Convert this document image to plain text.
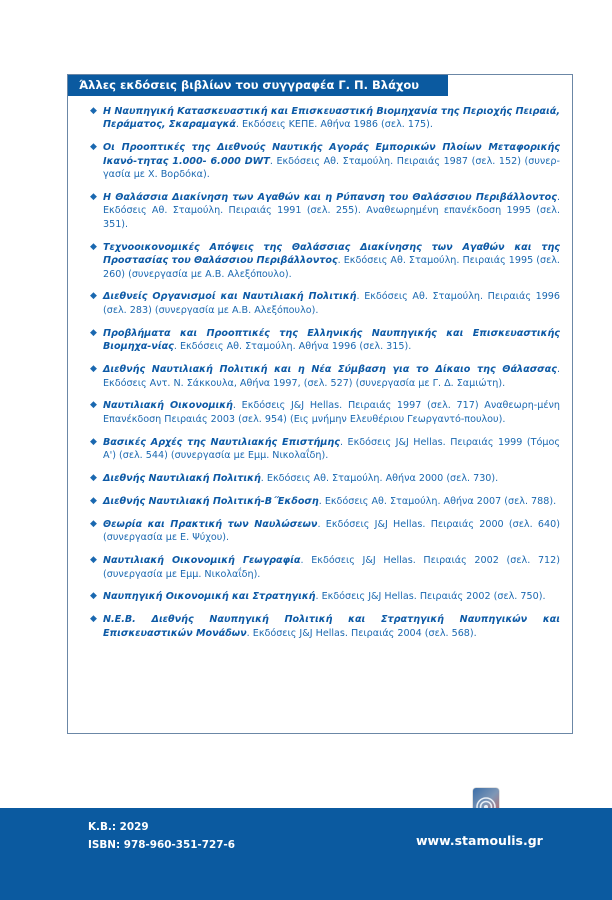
Άλλες εκδόσεις βιβλίων του συγγραφέα Γ. Π. Βλάχου
◆ Η Ναυπηγική Κατασκευαστική και Επισκευαστική Βιομηχανία της Περιοχής Πειραιά, Περάματος, Σκαραμαγκά. Εκδόσεις ΚΕΠΕ. Αθήνα 1986 (σελ. 175).
◆ Οι Προοπτικές της Διεθνούς Ναυτικής Αγοράς Εμπορικών Πλοίων Μεταφορικής Ικανό-τητας 1.000- 6.000 DWT. Εκδόσεις Αθ. Σταμούλη. Πειραιάς 1987 (σελ. 152) (συνερ-γασία με Χ. Βορδόκα).
◆ Η Θαλάσσια Διακίνηση των Αγαθών και η Ρύπανση του Θαλάσσιου Περιβάλλοντος. Εκδόσεις Αθ. Σταμούλη. Πειραιάς 1991 (σελ. 255). Αναθεωρημένη επανέκδοση 1995 (σελ. 351).
◆ Τεχνοοικονομικές Απόψεις της Θαλάσσιας Διακίνησης των Αγαθών και της Προστασίας του Θαλάσσιου Περιβάλλοντος. Εκδόσεις Αθ. Σταμούλη. Πειραιάς 1995 (σελ. 260) (συνεργασία με Α.Β. Αλεξόπουλο).
◆ Διεθνείς Οργανισμοί και Ναυτιλιακή Πολιτική. Εκδόσεις Αθ. Σταμούλη. Πειραιάς 1996 (σελ. 283) (συνεργασία με Α.Β. Αλεξόπουλο).
◆ Προβλήματα και Προοπτικές της Ελληνικής Ναυπηγικής και Επισκευαστικής Βιομηχα-νίας. Εκδόσεις Αθ. Σταμούλη. Αθήνα 1996 (σελ. 315).
◆ Διεθνής Ναυτιλιακή Πολιτική και η Νέα Σύμβαση για το Δίκαιο της Θάλασσας. Εκδόσεις Αντ. Ν. Σάκκουλα, Αθήνα 1997, (σελ. 527) (συνεργασία με Γ. Δ. Σαμιώτη).
◆ Ναυτιλιακή Οικονομική. Εκδόσεις J&J Hellas. Πειραιάς 1997 (σελ. 717) Αναθεωρη-μένη Επανέκδοση Πειραιάς 2003 (σελ. 954) (Εις μνήμην Ελευθέριου Γεωργαντό-πουλου).
◆ Βασικές Αρχές της Ναυτιλιακής Επιστήμης. Εκδόσεις J&J Hellas. Πειραιάς 1999 (Τόμος Α') (σελ. 544) (συνεργασία με Εμμ. Νικολαΐδη).
◆ Διεθνής Ναυτιλιακή Πολιτική. Εκδόσεις Αθ. Σταμούλη. Αθήνα 2000 (σελ. 730).
◆ Διεθνής Ναυτιλιακή Πολιτική-Β΄Έκδοση. Εκδόσεις Αθ. Σταμούλη. Αθήνα 2007 (σελ. 788).
◆ Θεωρία και Πρακτική των Ναυλώσεων. Εκδόσεις J&J Hellas. Πειραιάς 2000 (σελ. 640) (συνεργασία με Ε. Ψύχου).
◆ Ναυτιλιακή Οικονομική Γεωγραφία. Εκδόσεις J&J Hellas. Πειραιάς 2002 (σελ. 712) (συνεργασία με Εμμ. Νικολαΐδη).
◆ Ναυπηγική Οικονομική και Στρατηγική. Εκδόσεις J&J Hellas. Πειραιάς 2002 (σελ. 750).
◆ Ν.Ε.Β. Διεθνής Ναυπηγική Πολιτική και Στρατηγική Ναυπηγικών και Επισκευαστικών Μονάδων. Εκδόσεις J&J Hellas. Πειραιάς 2004 (σελ. 568).
K.B.: 2029
ISBN: 978-960-351-727-6	www.stamoulis.gr
